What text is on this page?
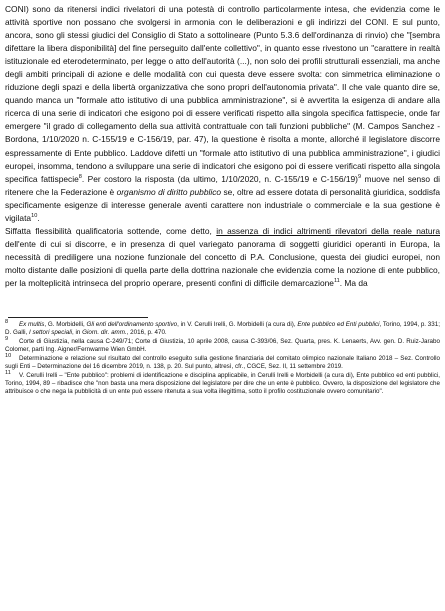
CONI) sono da ritenersi indici rivelatori di una potestà di controllo particolarmente intesa, che evidenzia come le attività sportive non possano che svolgersi in armonia con le deliberazioni e gli indirizzi del CONI. E sul punto, ancora, sono gli stessi giudici del Consiglio di Stato a sottolineare (Punto 5.3.6 dell'ordinanza di rinvio) che "[sembra difettare la libera disponibilità] del fine perseguito dall'ente collettivo", in quanto esse rivestono un "carattere in realtà istituzionale ed eterodeterminato, per legge o atto dell'autorità (...), non solo dei profili strutturali essenziali, ma anche degli ambiti principali di azione e delle modalità con cui questa deve essere svolta: con simmetrica eliminazione o riduzione degli spazi e della libertà organizzativa che sono propri dell'autonomia privata". Il che vale quanto dire se, quando manca un "formale atto istitutivo di una pubblica amministrazione", si è avvertita la esigenza di andare alla ricerca di una serie di indicatori che esigono poi di essere verificati rispetto alla singola specifica fattispecie, onde far emergere "il grado di collegamento della sua attività contrattuale con tali funzioni pubbliche" (M. Campos Sanchez - Bordona, 1/10/2020 n. C-155/19 e C-156/19, par. 47), la questione è risolta a monte, allorché il legislatore discorre espressamente di Ente pubblico. Laddove difetti un "formale atto istitutivo di una pubblica amministrazione", i giudici europei, insomma, tendono a sviluppare una serie di indicatori che esigono poi di essere verificati rispetto alla singola specifica fattispecie$^8$. Per costoro la risposta (da ultimo, 1/10/2020, n. C-155/19 e C-156/19)$^9$ muove nel senso di ritenere che la Federazione è organismo di diritto pubblico se, oltre ad essere dotata di personalità giuridica, soddisfa specificamente esigenze di interesse generale aventi carattere non industriale o commerciale e la sua gestione è vigilata$^{10}$.

Siffatta flessibilità qualificatoria sottende, come detto, in assenza di indici altrimenti rilevatori della reale natura dell'ente di cui si discorre, e in presenza di quel variegato panorama di soggetti giuridici operanti in Europa, la necessità di prediligere una nozione funzionale del concetto di P.A. Conclusione, questa dei giudici europei, non molto distante dalle posizioni di quella parte della dottrina nazionale che evidenzia come la nozione di ente pubblico, per la molteplicità intrinseca del proprio operare, presenti confini di difficile demarcazione$^{11}$. Ma da

$^8$ Ex multis, G. Morbidelli, Gli enti dell'ordinamento sportivo, in V. Cerulli Irelli, G. Morbidelli (a cura di), Ente pubblico ed Enti pubblici, Torino, 1994, p. 331; D. Galli, I settori speciali, in Giorn. dir. amm., 2016, p. 470.

$^9$ Corte di Giustizia, nella causa C-249/71; Corte di Giustizia, 10 aprile 2008, causa C-393/06, Sez. Quarta, pres. K. Lenaerts, Avv. gen. D. Ruiz-Jarabo Colomer, parti Ing. Aigner/Fernwarme Wien GmbH.

$^{10}$ Determinazione e relazione sul risultato del controllo eseguito sulla gestione finanziaria del comitato olimpico nazionale Italiano 2018 – Sez. Controllo sugli Enti – Determinazione del 16 dicembre 2019, n. 138, p. 20. Sul punto, altresì, cfr., CGCE, Sez. II, 11 settembre 2019.

$^{11}$ V. Cerulli Irelli – "Ente pubblico": problemi di identificazione e disciplina applicabile, in Cerulli Irelli e Morbidelli (a cura di), Ente pubblico ed enti pubblici, Torino, 1994, 89 – ribadisce che "non basta una mera disposizione del legislatore per dire che un ente è pubblico. Ovvero, la disposizione del legislatore che attribuisce o che nega la pubblicità di un ente può essere ritenuta a sua volta illegittima, sotto il profilo costituzionale ovvero comunitario".
